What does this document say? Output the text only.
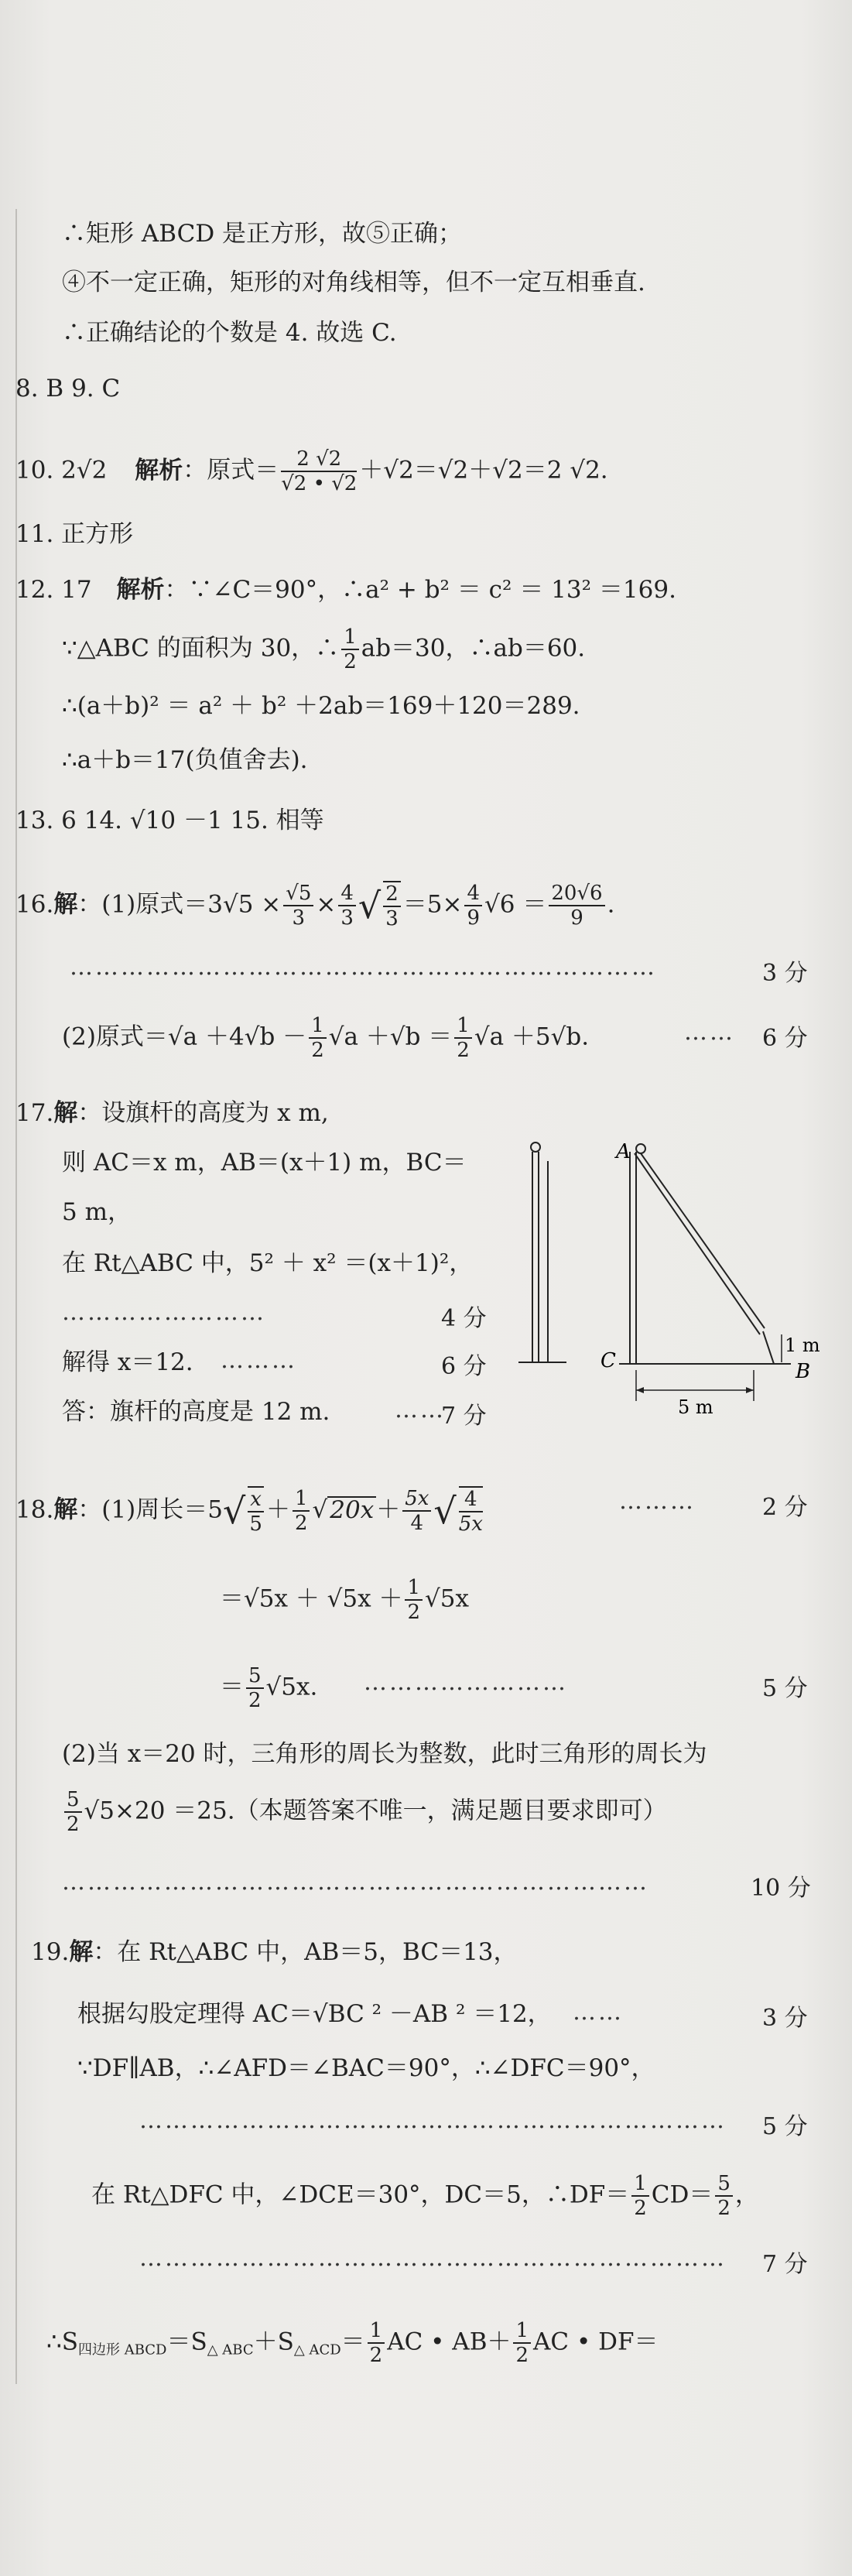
∴矩形 ABCD 是正方形，故⑤正确；
④不一定正确，矩形的对角线相等，但不一定互相垂直.
∴正确结论的个数是 4. 故选 C.
8. B 9. C
10. 2√2 解析：原式＝ $\frac{2 √2}{√2 • √2} +√2=√2+√2=2$ √2.
11. 正方形
12. 17 解析：∵∠C＝90°，∴a² + b² ＝ c² ＝ 13² ＝169.
∵△ABC 的面积为 30，∴ $\frac{1}{2} ab=30$，∴ab＝60.
∴(a＋b)² ＝ a² ＋ b² ＋2ab＝169＋120＝289.
∴a＋b＝17(负值舍去).
13. 6 14. √10 －1 15. 相等
16.解：(1)原式$=3√5 \times \frac{√5}{3} \times \frac{4}{3}$ √ $\frac{2}{3} =5\times \frac{4}{9} √6 = \frac{20√6}{9}$ .
……………………………………………………………	3 分
(2)原式$=√a +4√b - \frac{1}{2} √a +√b = \frac{1}{2} √a +5√b$.	…… 6 分
17.解：设旗杆的高度为 x m,
则 AC＝x m，AB＝(x＋1) m，BC＝
5 m，
在 Rt△ABC 中，5² ＋ x² ＝(x＋1)²，
……………………	4 分
解得 x＝12. ………	6 分
答：旗杆的高度是 12 m.	……
7 分
A
C	B
1 m
5 m
18.解：(1)周长$=5√ \frac{x}{5} + \frac{1}{2} √20x+ \frac{5x}{4}$ √ $\frac{4}{5x}$	………	2 分
$=√5x + √5x + \frac{1}{2} √5x$
＝ $\frac{5}{2} √5x$. ……………………	5 分
(2)当 x＝20 时，三角形的周长为整数，此时三角形的周长为
$\frac{5}{2} √5\times 20 =25$.（本题答案不唯一，满足题目要求即可）
……………………………………………………………	10 分
19.解：在 Rt△ABC 中，AB＝5，BC＝13，
根据勾股定理得 AC＝√BC ² －AB ² ＝12， ……	3 分
∵DF∥AB，∴∠AFD＝∠BAC＝90°，∴∠DFC＝90°，
…………………………………………………………… 5 分
在 Rt△DFC 中，∠DCE＝30°，DC＝5，∴DF＝ $\frac{1}{2} CD= \frac{5}{2}$ ，
…………………………………………………………… 7 分
$\therefore S_{四边形 ABCD}=S_{\triangle ABC}+S_{\triangle ACD}= \frac{1}{2}$ AC • $AB+ \frac{1}{2}$ AC • DF＝
